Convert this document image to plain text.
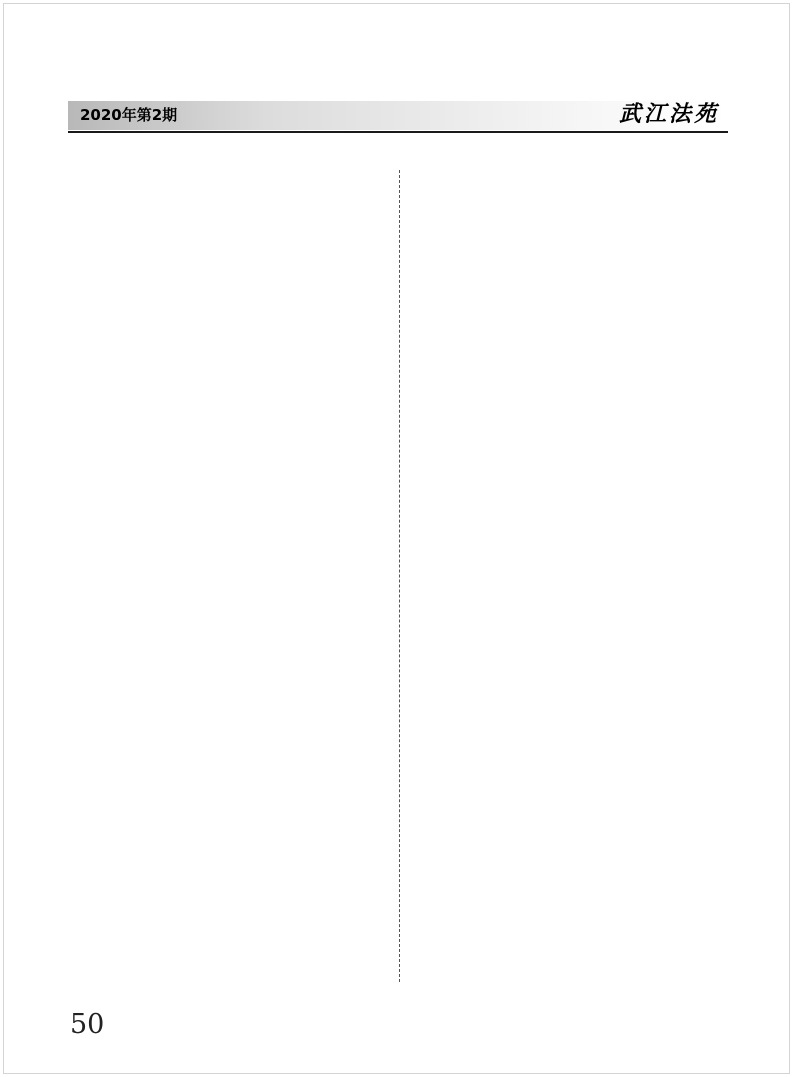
2020年第2期	武江法苑
50
